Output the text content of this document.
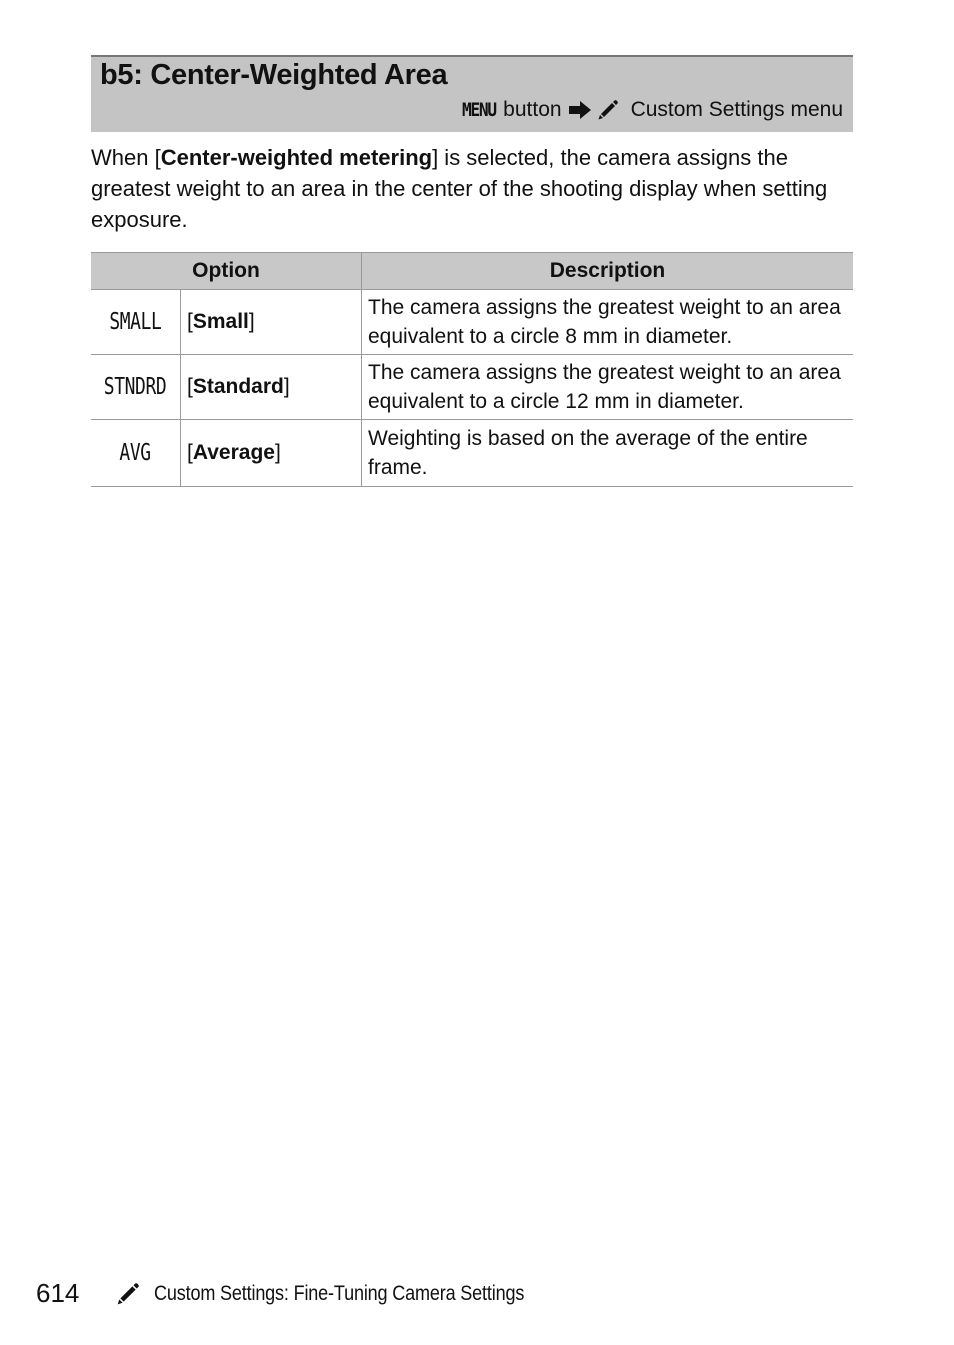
b5: Center-Weighted Area
MENU button	Custom Settings menu
When [Center-weighted metering] is selected, the camera assigns the greatest weight to an area in the center of the shooting display when setting exposure.
Option		Description
SMALL	[Small]	The camera assigns the greatest weight to an area equivalent to a circle 8 mm in diameter.
STNDRD	[Standard]	The camera assigns the greatest weight to an area equivalent to a circle 12 mm in diameter.
AVG	[Average]	Weighting is based on the average of the entire frame.
614	Custom Settings: Fine-Tuning Camera Settings
